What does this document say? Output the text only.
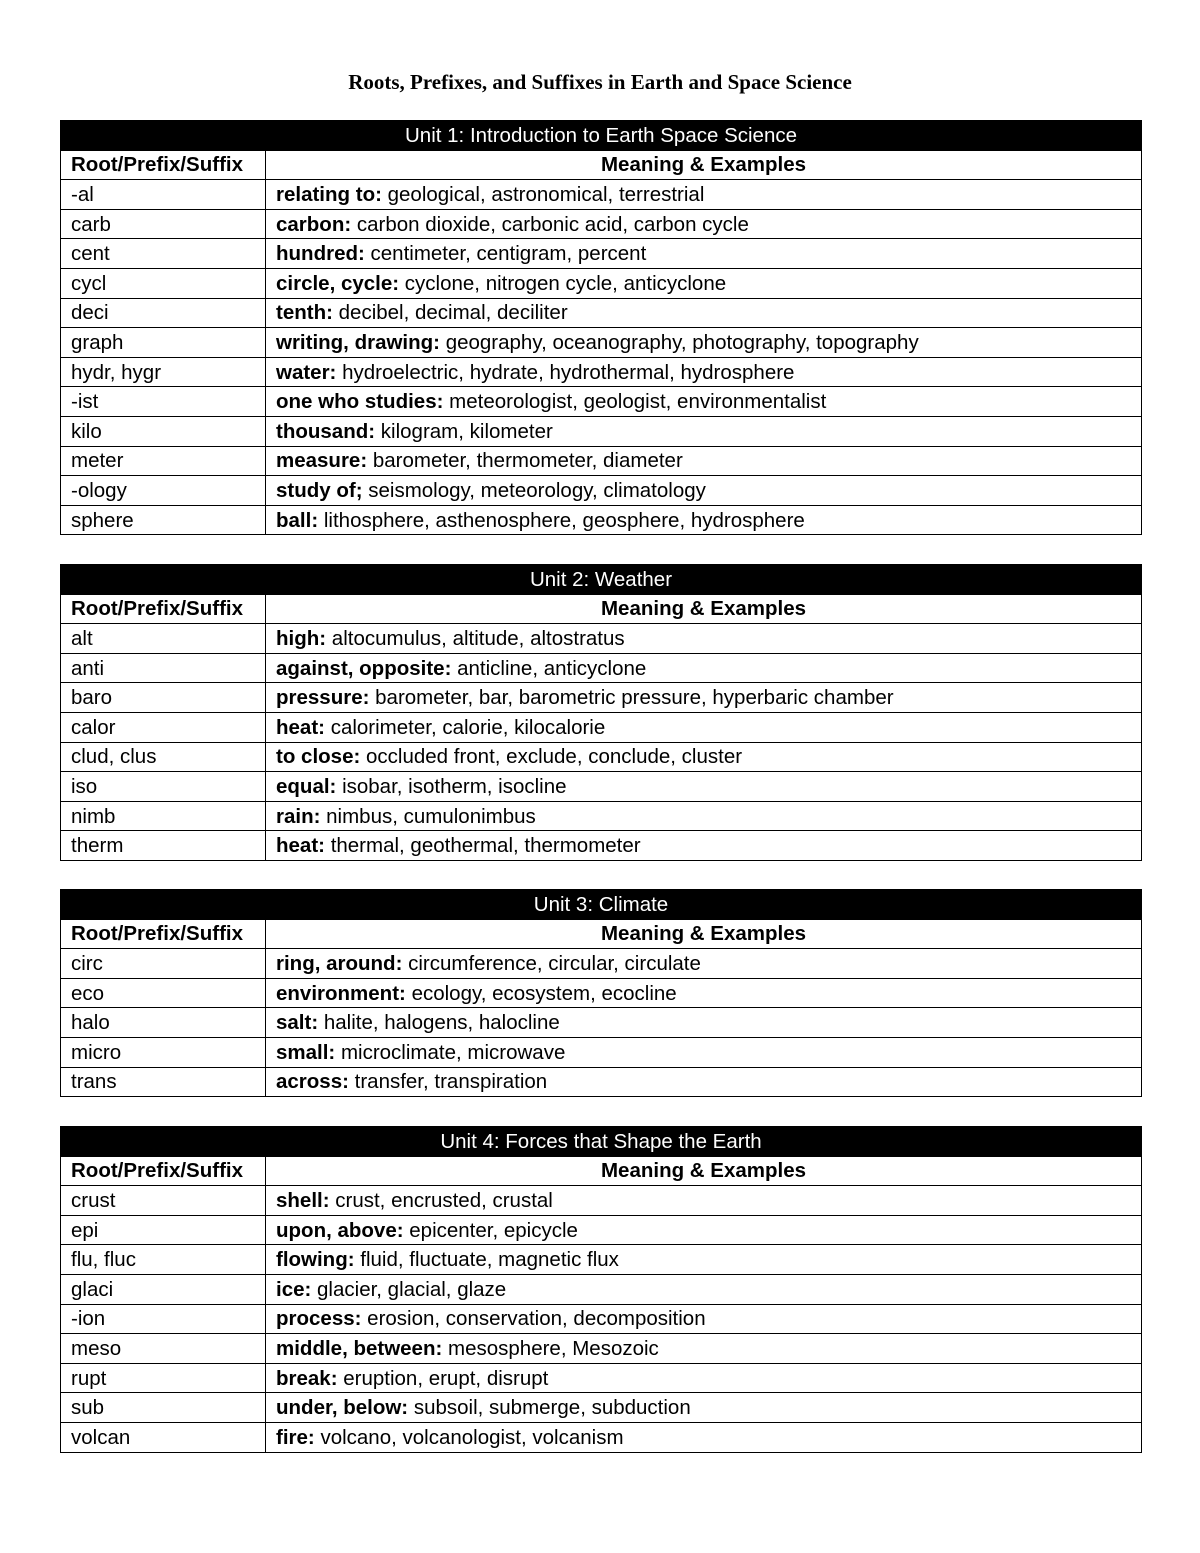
Roots, Prefixes, and Suffixes in Earth and Space Science
Unit 1: Introduction to Earth Space Science	
Root/Prefix/Suffix	Meaning & Examples
-al	relating to: geological, astronomical, terrestrial
carb	carbon: carbon dioxide, carbonic acid, carbon cycle
cent	hundred: centimeter, centigram, percent
cycl	circle, cycle: cyclone, nitrogen cycle, anticyclone
deci	tenth: decibel, decimal, deciliter
graph	writing, drawing: geography, oceanography, photography, topography
hydr, hygr	water: hydroelectric, hydrate, hydrothermal, hydrosphere
-ist	one who studies: meteorologist, geologist, environmentalist
kilo	thousand: kilogram, kilometer
meter	measure: barometer, thermometer, diameter
-ology	study of; seismology, meteorology, climatology
sphere	ball: lithosphere, asthenosphere, geosphere, hydrosphere
Unit 2: Weather	
Root/Prefix/Suffix	Meaning & Examples
alt	high: altocumulus, altitude, altostratus
anti	against, opposite: anticline, anticyclone
baro	pressure: barometer, bar, barometric pressure, hyperbaric chamber
calor	heat: calorimeter, calorie, kilocalorie
clud, clus	to close: occluded front, exclude, conclude, cluster
iso	equal: isobar, isotherm, isocline
nimb	rain: nimbus, cumulonimbus
therm	heat: thermal, geothermal, thermometer
Unit 3: Climate	
Root/Prefix/Suffix	Meaning & Examples
circ	ring, around: circumference, circular, circulate
eco	environment: ecology, ecosystem, ecocline
halo	salt: halite, halogens, halocline
micro	small: microclimate, microwave
trans	across: transfer, transpiration
Unit 4: Forces that Shape the Earth	
Root/Prefix/Suffix	Meaning & Examples
crust	shell: crust, encrusted, crustal
epi	upon, above: epicenter, epicycle
flu, fluc	flowing: fluid, fluctuate, magnetic flux
glaci	ice: glacier, glacial, glaze
-ion	process: erosion, conservation, decomposition
meso	middle, between: mesosphere, Mesozoic
rupt	break: eruption, erupt, disrupt
sub	under, below: subsoil, submerge, subduction
volcan	fire: volcano, volcanologist, volcanism
